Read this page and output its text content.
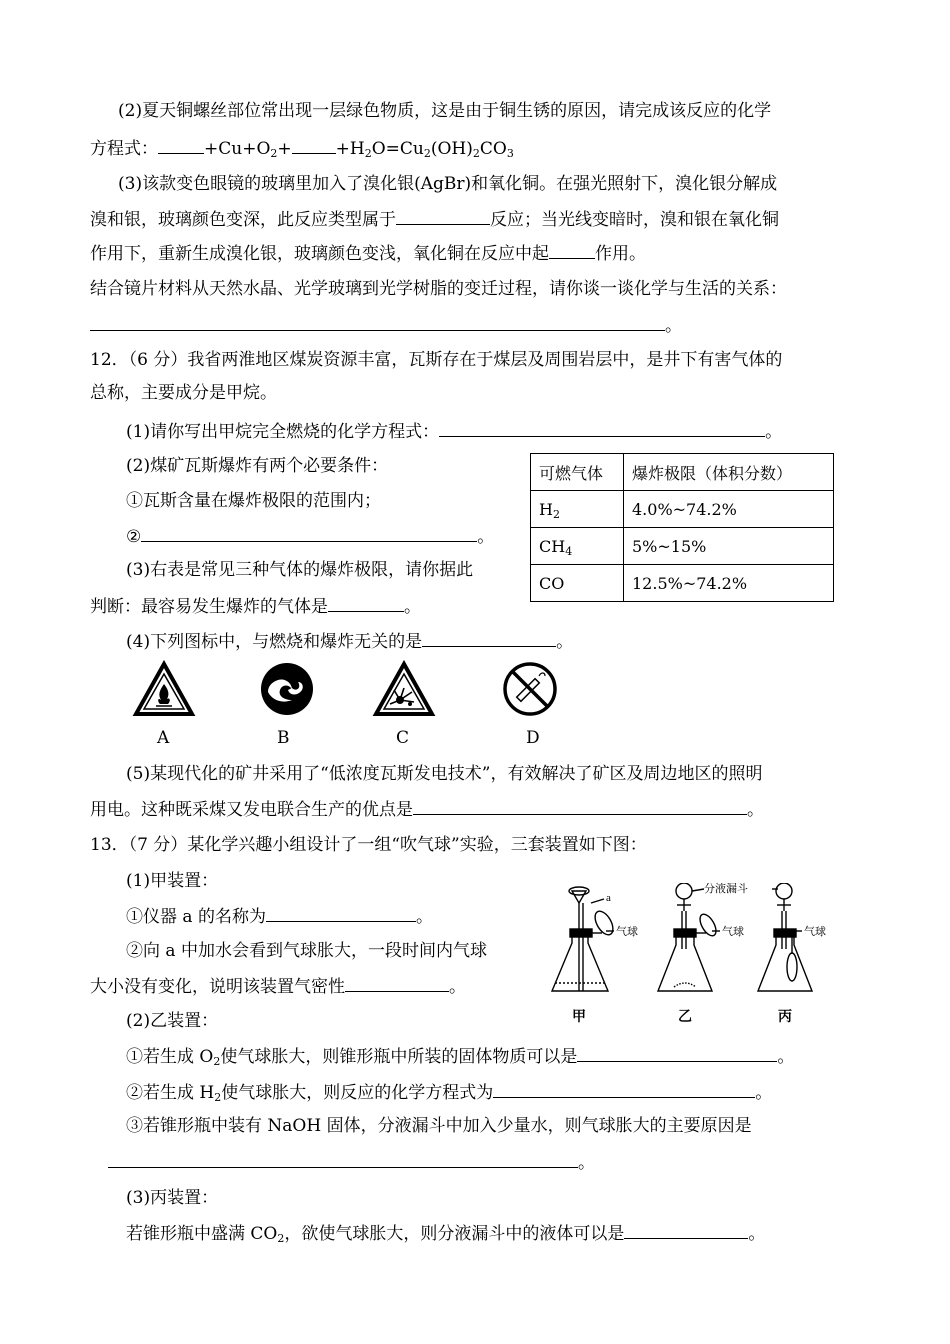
(2)夏天铜螺丝部位常出现一层绿色物质，这是由于铜生锈的原因，请完成该反应的化学
方程式：	$+Cu+O_2+$	$+H_2O=Cu_2(OH)_2CO_3$
(3)该款变色眼镜的玻璃里加入了溴化银(AgBr)和氧化铜。在强光照射下，溴化银分解成
溴和银，玻璃颜色变深，此反应类型属于	反应；当光线变暗时，溴和银在氧化铜
作用下，重新生成溴化银，玻璃颜色变浅，氧化铜在反应中起	作用。
结合镜片材料从天然水晶、光学玻璃到光学树脂的变迁过程，请你谈一谈化学与生活的关系：
。
12．（6 分）我省两淮地区煤炭资源丰富，瓦斯存在于煤层及周围岩层中，是井下有害气体的
总称，主要成分是甲烷。
(1)请你写出甲烷完全燃烧的化学方程式：	。
(2)煤矿瓦斯爆炸有两个必要条件：
①瓦斯含量在爆炸极限的范围内；
②	。
(3)右表是常见三种气体的爆炸极限，请你据此
判断：最容易发生爆炸的气体是	。
可燃气体	爆炸极限（体积分数）
$H_2$	4.0%~74.2%
$CH_4$	5%~15%
CO	12.5%~74.2%
(4)下列图标中，与燃烧和爆炸无关的是	。
A	B	C	D
(5)某现代化的矿井采用了“低浓度瓦斯发电技术”，有效解决了矿区及周边地区的照明
用电。这种既采煤又发电联合生产的优点是	。
13．（7 分）某化学兴趣小组设计了一组“吹气球”实验，三套装置如下图：
(1)甲装置：
①仪器 a 的名称为	。
②向 a 中加水会看到气球胀大，一段时间内气球
大小没有变化，说明该装置气密性	。
(2)乙装置：
①若生成 $O_2$使气球胀大，则锥形瓶中所装的固体物质可以是	。
②若生成 $H_2$使气球胀大，则反应的化学方程式为	。
③若锥形瓶中装有 NaOH 固体，分液漏斗中加入少量水，则气球胀大的主要原因是
。
(3)丙装置：
若锥形瓶中盛满 $CO_2$，欲使气球胀大，则分液漏斗中的液体可以是	。
a
气球	气球	气球
分液漏斗
甲	乙	丙
